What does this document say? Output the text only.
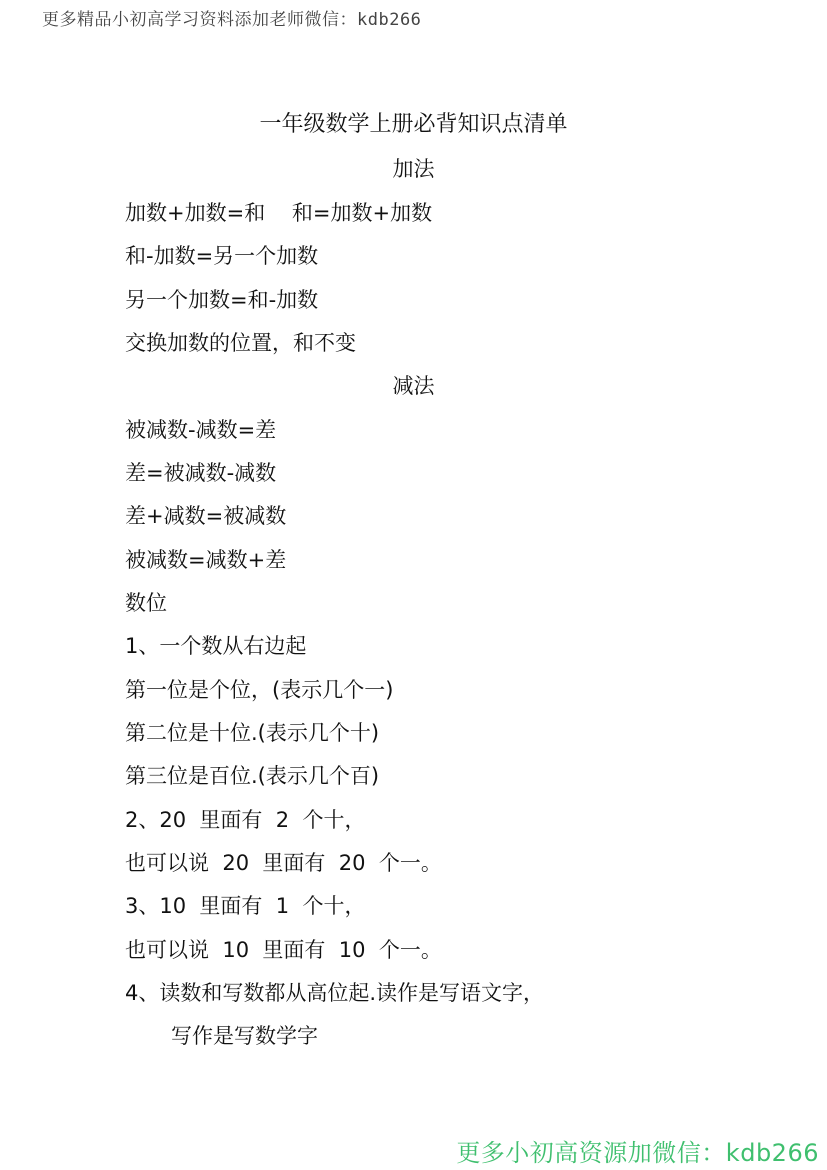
更多精品小初高学习资料添加老师微信：kdb266
一年级数学上册必背知识点清单
加法
加数+加数=和    和=加数+加数
和-加数=另一个加数
另一个加数=和-加数
交换加数的位置，和不变
减法
被减数-减数=差
差=被减数-减数
差+减数=被减数
被减数=减数+差
数位
1、一个数从右边起
第一位是个位，(表示几个一)
第二位是十位.(表示几个十)
第三位是百位.(表示几个百)
2、20  里面有  2  个十，
也可以说  20  里面有  20  个一。
3、10  里面有  1  个十，
也可以说  10  里面有  10  个一。
4、读数和写数都从高位起.读作是写语文字，
写作是写数学字
更多小初高资源加微信：kdb266
